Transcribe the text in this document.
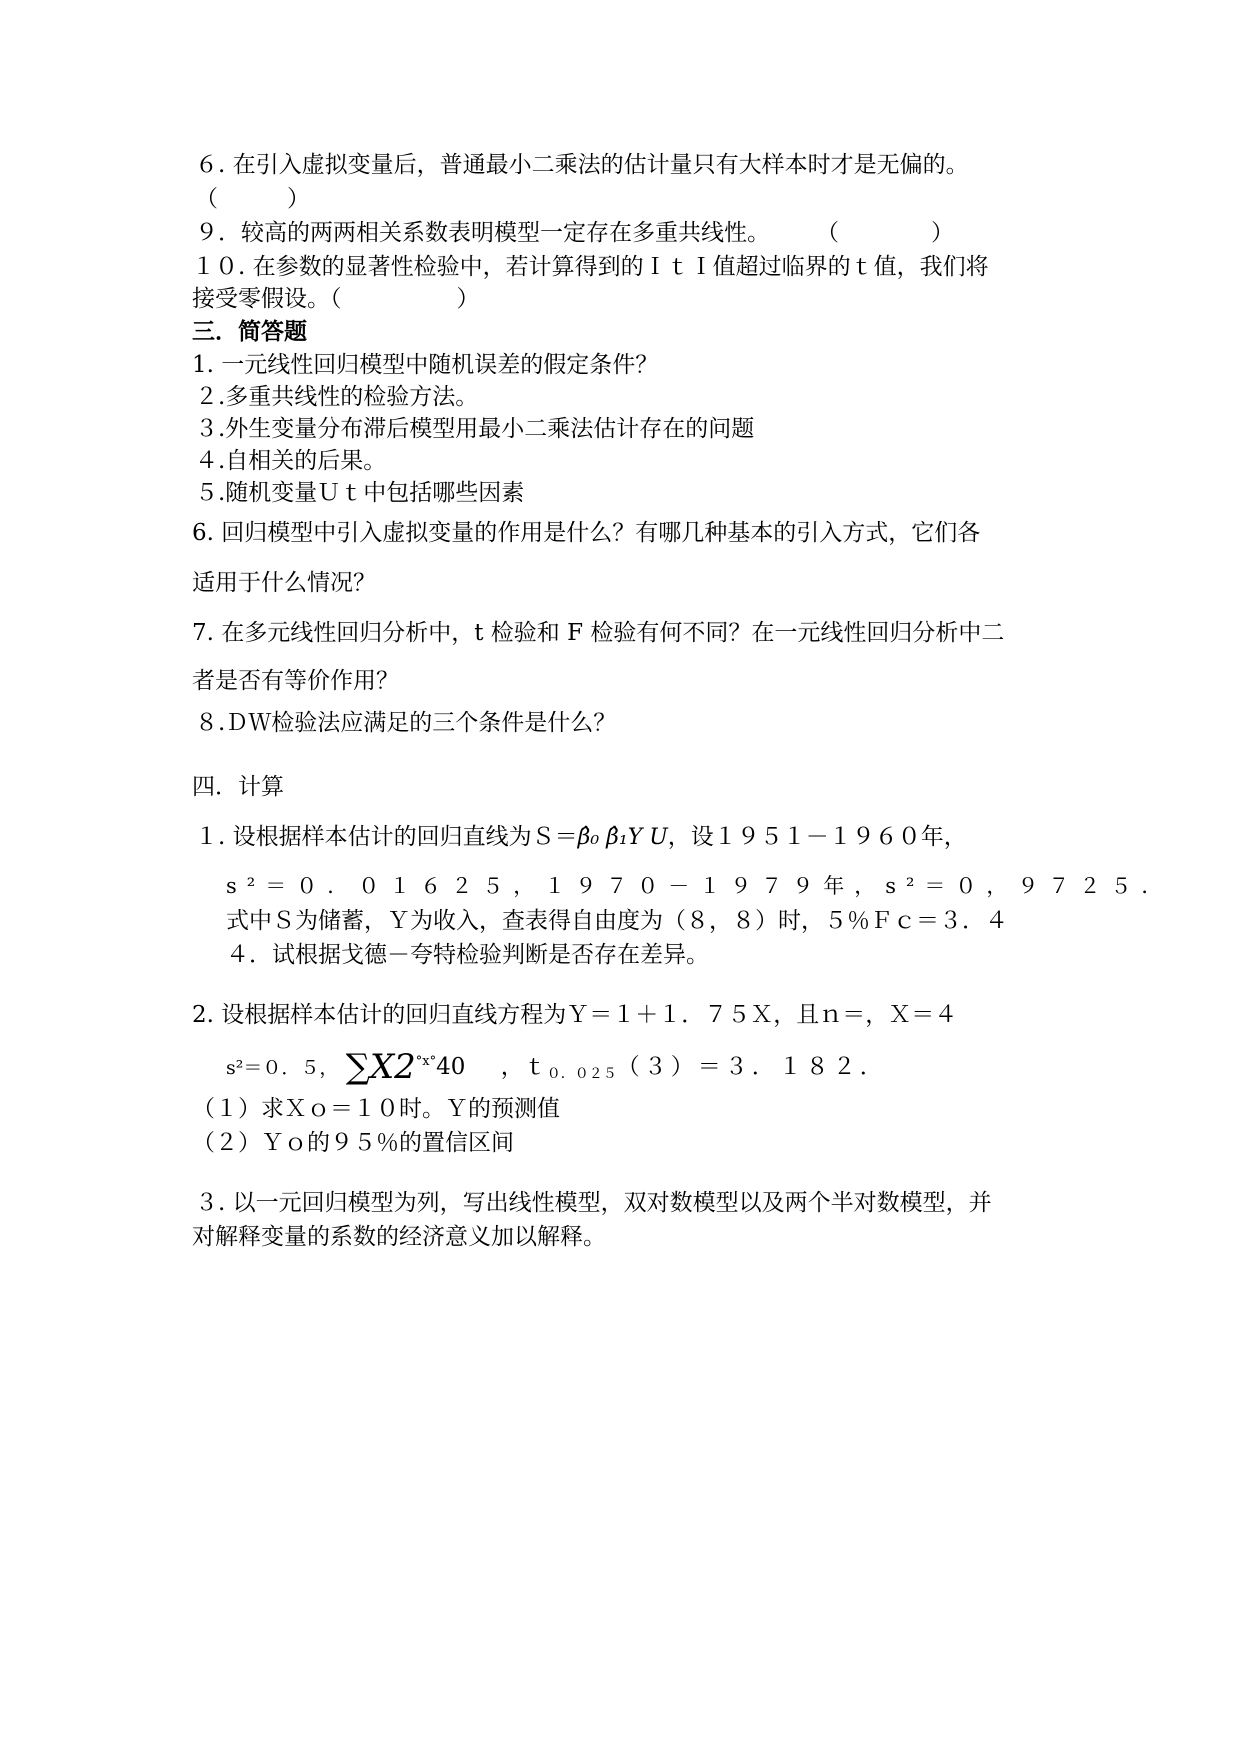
６. 在引入虚拟变量后，普通最小二乘法的估计量只有大样本时才是无偏的。
（　　　）
９．较高的两两相关系数表明模型一定存在多重共线性。　　　（　　　　）
１０. 在参数的显著性检验中，若计算得到的ＩｔＩ值超过临界的ｔ值，我们将
接受零假设。（　　　　　）
三．简答题
1. 一元线性回归模型中随机误差的假定条件？
２.多重共线性的检验方法。
３.外生变量分布滞后模型用最小二乘法估计存在的问题
４.自相关的后果。
５.随机变量Ｕｔ中包括哪些因素
6. 回归模型中引入虚拟变量的作用是什么？有哪几种基本的引入方式，它们各
适用于什么情况？
7. 在多元线性回归分析中，t 检验和 F 检验有何不同？在一元线性回归分析中二
者是否有等价作用？
８.ＤＷ检验法应满足的三个条件是什么？
四．计算
１. 设根据样本估计的回归直线为Ｓ＝β̂₀ β̂₁Y U，设１９５１－１９６０年，
s²＝０．０１６２５，１９７０－１９７９年，s²＝０，９７２５．
式中Ｓ为储蓄，Ｙ为收入，查表得自由度为（８，８）时，５％Ｆｃ＝３．４
４．试根据戈德－夸特检验判断是否存在差异。
2. 设根据样本估计的回归直线方程为Ｙ＝１＋１．７５Ｘ，且ｎ＝，Ｘ＝４
s²＝０．５， $\sum X2^{^\circ x^\circ}40$ ，ｔ$_{0.025}$（３）＝３．１８２．
（１）求Ｘｏ＝１０时。Ｙ的预测值
（２）Ｙｏ的９５％的置信区间
３. 以一元回归模型为列，写出线性模型，双对数模型以及两个半对数模型，并
对解释变量的系数的经济意义加以解释。
